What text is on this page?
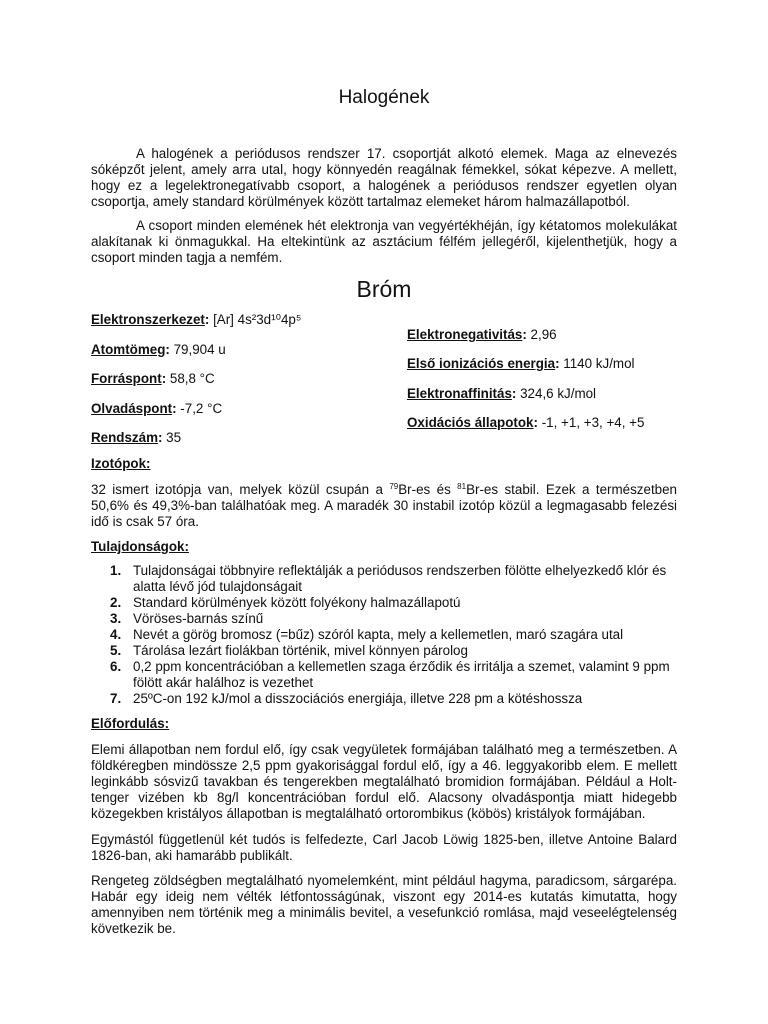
Halogének

A halogének a periódusos rendszer 17. csoportját alkotó elemek. Maga az elnevezés sóképzőt jelent, amely arra utal, hogy könnyedén reagálnak fémekkel, sókat képezve. A mellett, hogy ez a legelektronegatívabb csoport, a halogének a periódusos rendszer egyetlen olyan csoportja, amely standard körülmények között tartalmaz elemeket három halmazállapotból.

A csoport minden elemének hét elektronja van vegyértékhéján, így kétatomos molekulákat alakítanak ki önmagukkal. Ha eltekintünk az asztácium félfém jellegéről, kijelenthetjük, hogy a csoport minden tagja a nemfém.

Bróm

Elektronszerkezet: [Ar] 4s²3d¹⁰4p⁵

Atomtömeg: 79,904 u

Forráspont: 58,8 °C

Olvadáspont: -7,2 °C

Rendszám: 35

Elektronegativitás: 2,96

Első ionizációs energia: 1140 kJ/mol

Elektronaffinitás: 324,6 kJ/mol

Oxidációs állapotok: -1, +1, +3, +4, +5

Izotópok:

32 ismert izotópja van, melyek közül csupán a $^{79}$Br-es és $^{81}$Br-es stabil. Ezek a természetben 50,6% és 49,3%-ban találhatóak meg. A maradék 30 instabil izotóp közül a legmagasabb felezési idő is csak 57 óra.

Tulajdonságok:

1. Tulajdonságai többnyire reflektálják a periódusos rendszerben fölötte elhelyezkedő klór és alatta lévő jód tulajdonságait
2. Standard körülmények között folyékony halmazállapotú
3. Vöröses-barnás színű
4. Nevét a görög bromosz (=bűz) szóról kapta, mely a kellemetlen, maró szagára utal
5. Tárolása lezárt fiolákban történik, mivel könnyen párolog
6. 0,2 ppm koncentrációban a kellemetlen szaga érződik és irritálja a szemet, valamint 9 ppm fölött akár halálhoz is vezethet
7. 25ºC-on 192 kJ/mol a disszociációs energiája, illetve 228 pm a kötéshossza

Előfordulás:

Elemi állapotban nem fordul elő, így csak vegyületek formájában található meg a természetben. A földkéregben mindössze 2,5 ppm gyakorisággal fordul elő, így a 46. leggyakoribb elem. E mellett leginkább sósvizű tavakban és tengerekben megtalálható bromidion formájában. Például a Holt-tenger vizében kb 8g/l koncentrációban fordul elő. Alacsony olvadáspontja miatt hidegebb közegekben kristályos állapotban is megtalálható ortorombikus (köbös) kristályok formájában.

Egymástól függetlenül két tudós is felfedezte, Carl Jacob Löwig 1825-ben, illetve Antoine Balard 1826-ban, aki hamarább publikált.

Rengeteg zöldségben megtalálható nyomelemként, mint például hagyma, paradicsom, sárgarépa. Habár egy ideig nem vélték létfontosságúnak, viszont egy 2014-es kutatás kimutatta, hogy amennyiben nem történik meg a minimális bevitel, a vesefunkció romlása, majd veseelégtelenség következik be.
